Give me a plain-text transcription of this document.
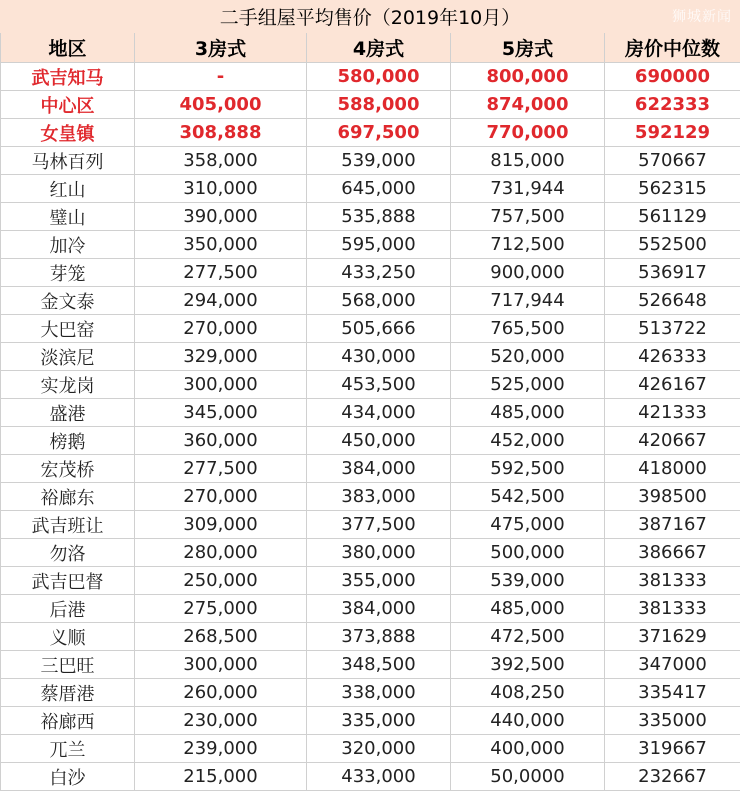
二手组屋平均售价（2019年10月）	狮城新闻
地区	3房式	4房式	5房式	房价中位数
武吉知马	-	580,000	800,000	690000
中心区	405,000	588,000	874,000	622333
女皇镇	308,888	697,500	770,000	592129
马林百列	358,000	539,000	815,000	570667
红山	310,000	645,000	731,944	562315
璧山	390,000	535,888	757,500	561129
加冷	350,000	595,000	712,500	552500
芽笼	277,500	433,250	900,000	536917
金文泰	294,000	568,000	717,944	526648
大巴窑	270,000	505,666	765,500	513722
淡滨尼	329,000	430,000	520,000	426333
实龙岗	300,000	453,500	525,000	426167
盛港	345,000	434,000	485,000	421333
榜鹅	360,000	450,000	452,000	420667
宏茂桥	277,500	384,000	592,500	418000
裕廊东	270,000	383,000	542,500	398500
武吉班让	309,000	377,500	475,000	387167
勿洛	280,000	380,000	500,000	386667
武吉巴督	250,000	355,000	539,000	381333
后港	275,000	384,000	485,000	381333
义顺	268,500	373,888	472,500	371629
三巴旺	300,000	348,500	392,500	347000
蔡厝港	260,000	338,000	408,250	335417
裕廊西	230,000	335,000	440,000	335000
兀兰	239,000	320,000	400,000	319667
白沙	215,000	433,000	50,0000	232667
